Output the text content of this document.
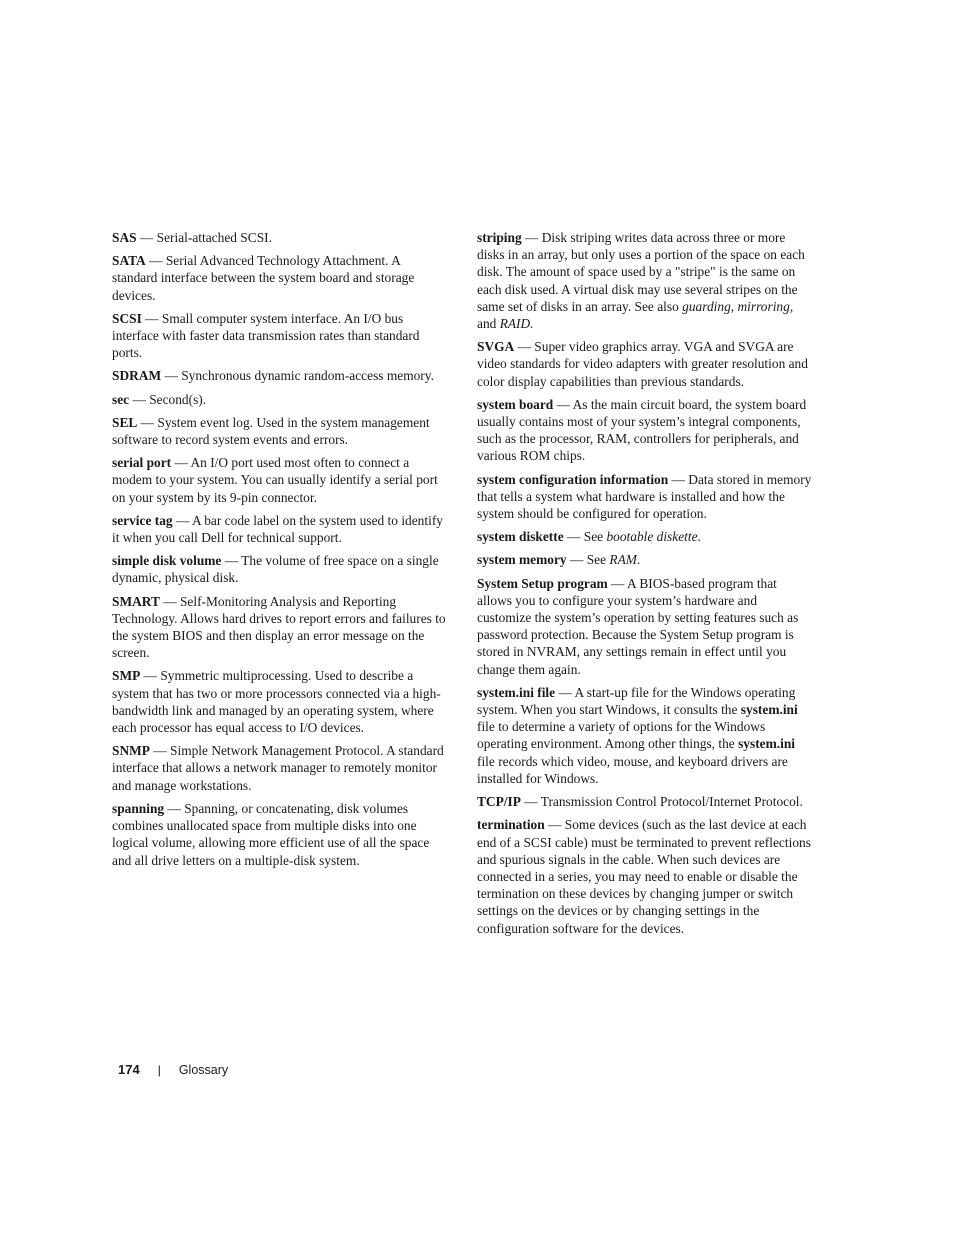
SAS — Serial-attached SCSI.

SATA — Serial Advanced Technology Attachment. A standard interface between the system board and storage devices.

SCSI — Small computer system interface. An I/O bus interface with faster data transmission rates than standard ports.

SDRAM — Synchronous dynamic random-access memory.

sec — Second(s).

SEL — System event log. Used in the system management software to record system events and errors.

serial port — An I/O port used most often to connect a modem to your system. You can usually identify a serial port on your system by its 9-pin connector.

service tag — A bar code label on the system used to identify it when you call Dell for technical support.

simple disk volume — The volume of free space on a single dynamic, physical disk.

SMART — Self-Monitoring Analysis and Reporting Technology. Allows hard drives to report errors and failures to the system BIOS and then display an error message on the screen.

SMP — Symmetric multiprocessing. Used to describe a system that has two or more processors connected via a high-bandwidth link and managed by an operating system, where each processor has equal access to I/O devices.

SNMP — Simple Network Management Protocol. A standard interface that allows a network manager to remotely monitor and manage workstations.

spanning — Spanning, or concatenating, disk volumes combines unallocated space from multiple disks into one logical volume, allowing more efficient use of all the space and all drive letters on a multiple-disk system.

striping — Disk striping writes data across three or more disks in an array, but only uses a portion of the space on each disk. The amount of space used by a "stripe" is the same on each disk used. A virtual disk may use several stripes on the same set of disks in an array. See also guarding, mirroring, and RAID.

SVGA — Super video graphics array. VGA and SVGA are video standards for video adapters with greater resolution and color display capabilities than previous standards.

system board — As the main circuit board, the system board usually contains most of your system’s integral components, such as the processor, RAM, controllers for peripherals, and various ROM chips.

system configuration information — Data stored in memory that tells a system what hardware is installed and how the system should be configured for operation.

system diskette — See bootable diskette.

system memory — See RAM.

System Setup program — A BIOS-based program that allows you to configure your system’s hardware and customize the system’s operation by setting features such as password protection. Because the System Setup program is stored in NVRAM, any settings remain in effect until you change them again.

system.ini file — A start-up file for the Windows operating system. When you start Windows, it consults the system.ini file to determine a variety of options for the Windows operating environment. Among other things, the system.ini file records which video, mouse, and keyboard drivers are installed for Windows.

TCP/IP — Transmission Control Protocol/Internet Protocol.

termination — Some devices (such as the last device at each end of a SCSI cable) must be terminated to prevent reflections and spurious signals in the cable. When such devices are connected in a series, you may need to enable or disable the termination on these devices by changing jumper or switch settings on the devices or by changing settings in the configuration software for the devices.

174 | Glossary
